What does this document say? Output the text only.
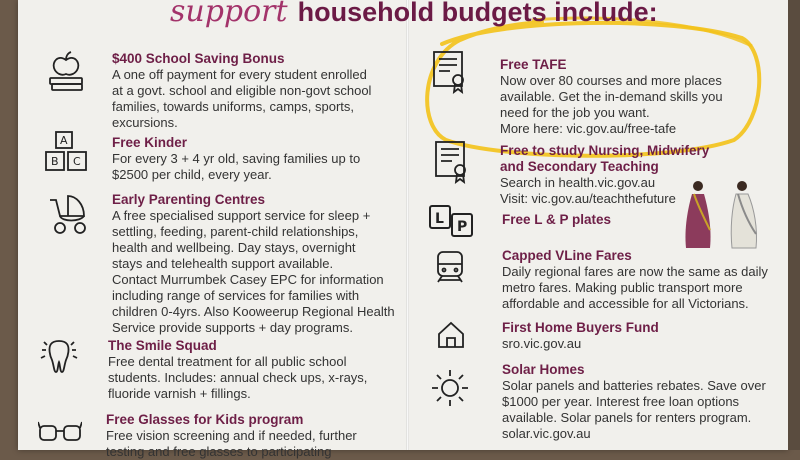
support household budgets include:
A
B C
$400 School Saving Bonus
A one off payment for every student enrolled
at a govt. school and eligible non-govt school
families, towards uniforms, camps, sports,
excursions.
Free Kinder
For every 3 + 4 yr old, saving families up to
$2500 per child, every year.
Early Parenting Centres
A free specialised support service for sleep +
settling, feeding, parent-child relationships,
health and wellbeing. Day stays, overnight
stays and telehealth support available.
Contact Murrumbek Casey EPC for information
including range of services for families with
children 0-4yrs. Also Kooweerup Regional Health
Service provide supports + day programs.
The Smile Squad
Free dental treatment for all public school
students. Includes: annual check ups, x-rays,
fluoride varnish + fillings.
Free Glasses for Kids program
Free vision screening and if needed, further
testing and free glasses to participating
L P
Free TAFE
Now over 80 courses and more places
available. Get the in-demand skills you
need for the job you want.
More here: vic.gov.au/free-tafe
Free to study Nursing, Midwifery
and Secondary Teaching
Search in health.vic.gov.au
Visit: vic.gov.au/teachthefuture
Free L & P plates
Capped VLine Fares
Daily regional fares are now the same as daily
metro fares. Making public transport more
affordable and accessible for all Victorians.
First Home Buyers Fund
sro.vic.gov.au
Solar Homes
Solar panels and batteries rebates. Save over
$1000 per year. Interest free loan options
available. Solar panels for renters program.
solar.vic.gov.au
